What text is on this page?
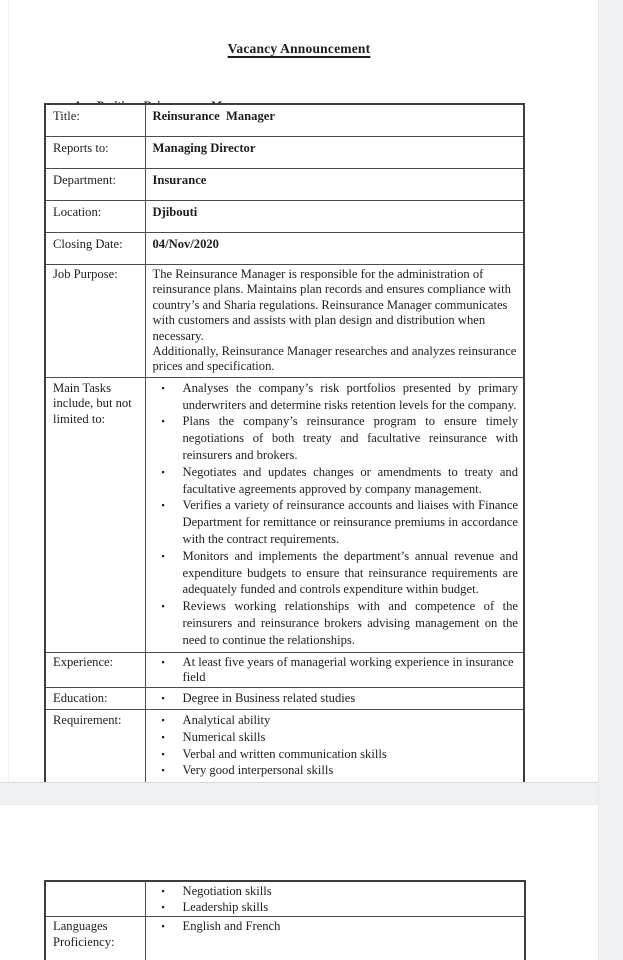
Vacancy Announcement

Title:	Reinsurance  Manager
Reports to:	Managing Director
Department:	Insurance
Location:	Djibouti
Closing Date:	04/Nov/2020
Job Purpose:	The Reinsurance Manager is responsible for the administration of reinsurance plans. Maintains plan records and ensures compliance with country’s and Sharia regulations. Reinsurance Manager communicates with customers and assists with plan design and distribution when necessary.
Additionally, Reinsurance Manager researches and analyzes reinsurance prices and specification.

Main Tasks include, but not limited to:	
▪	Analyses the company’s risk portfolios presented by primary underwriters and determine risks retention levels for the company.
▪	Plans the company’s reinsurance program to ensure timely negotiations of both treaty and facultative reinsurance with reinsurers and brokers.
▪	Negotiates and updates changes or amendments to treaty and facultative agreements approved by company management.
▪	Verifies a variety of reinsurance accounts and liaises with Finance Department for remittance or reinsurance premiums in accordance with the contract requirements.
▪	Monitors and implements the department’s annual revenue and expenditure budgets to ensure that reinsurance requirements are adequately funded and controls expenditure within budget.
▪	Reviews working relationships with and competence of the reinsurers and reinsurance brokers advising management on the need to continue the relationships.

Experience:	▪ At least five years of managerial working experience in insurance field

Education:	▪ Degree in Business related studies

Requirement:	▪	Analytical ability
▪	Numerical skills
▪	Verbal and written communication skills
▪	Very good interpersonal skills

	▪ Negotiation skills
▪ Leadership skills

Languages Proficiency:	▪ English and French
